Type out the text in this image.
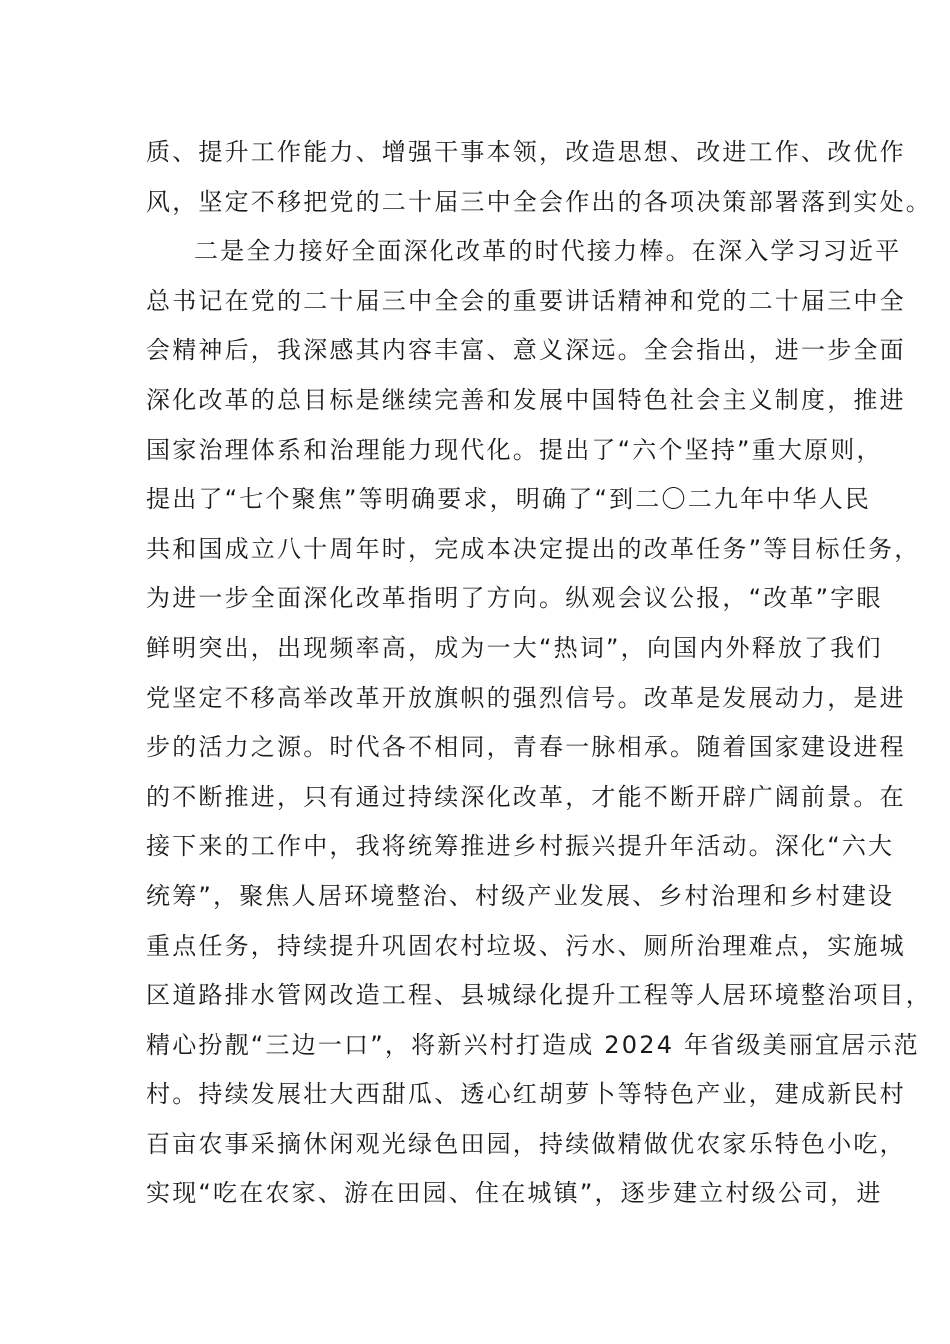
质、提升工作能力、增强干事本领，改造思想、改进工作、改优作
风，坚定不移把党的二十届三中全会作出的各项决策部署落到实处。
二是全力接好全面深化改革的时代接力棒。在深入学习习近平
总书记在党的二十届三中全会的重要讲话精神和党的二十届三中全
会精神后，我深感其内容丰富、意义深远。全会指出，进一步全面
深化改革的总目标是继续完善和发展中国特色社会主义制度，推进
国家治理体系和治理能力现代化。提出了“六个坚持”重大原则，
提出了“七个聚焦”等明确要求，明确了“到二〇二九年中华人民
共和国成立八十周年时，完成本决定提出的改革任务”等目标任务，
为进一步全面深化改革指明了方向。纵观会议公报，“改革”字眼
鲜明突出，出现频率高，成为一大“热词”，向国内外释放了我们
党坚定不移高举改革开放旗帜的强烈信号。改革是发展动力，是进
步的活力之源。时代各不相同，青春一脉相承。随着国家建设进程
的不断推进，只有通过持续深化改革，才能不断开辟广阔前景。在
接下来的工作中，我将统筹推进乡村振兴提升年活动。深化“六大
统筹”，聚焦人居环境整治、村级产业发展、乡村治理和乡村建设
重点任务，持续提升巩固农村垃圾、污水、厕所治理难点，实施城
区道路排水管网改造工程、县城绿化提升工程等人居环境整治项目，
精心扮靓“三边一口”，将新兴村打造成 2024 年省级美丽宜居示范
村。持续发展壮大西甜瓜、透心红胡萝卜等特色产业，建成新民村
百亩农事采摘休闲观光绿色田园，持续做精做优农家乐特色小吃，
实现“吃在农家、游在田园、住在城镇”，逐步建立村级公司，进
